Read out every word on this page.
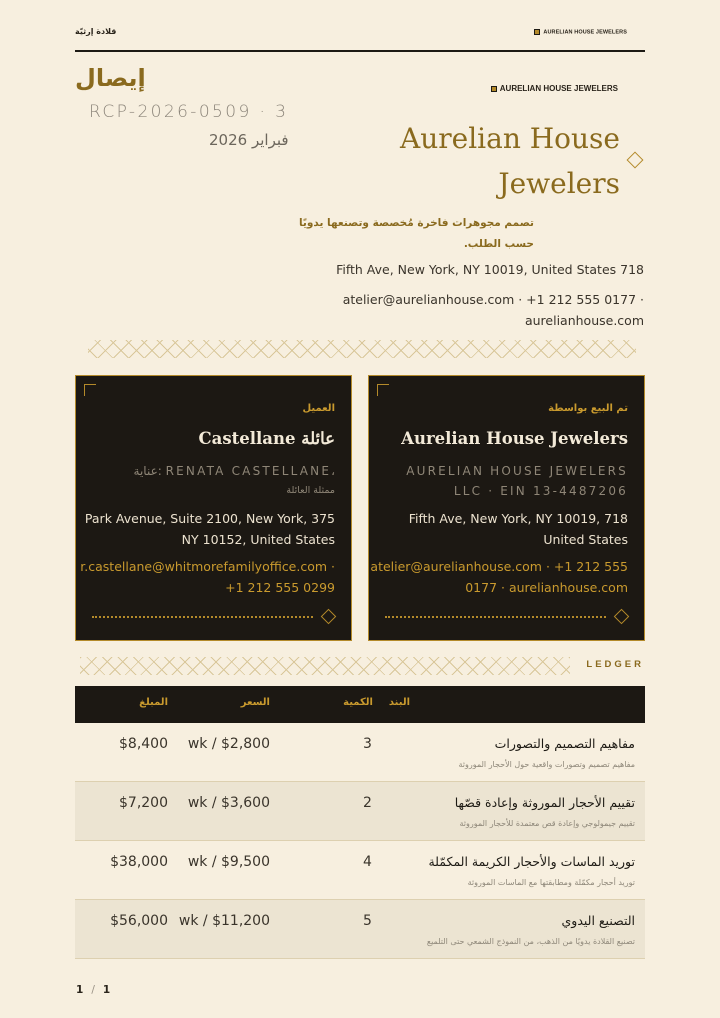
قلادة إرثيّة	AURELIAN HOUSE JEWELERS
إيصال
RCP-2026-0509 · 3
فبراير 2026
AURELIAN HOUSE JEWELERS
Aurelian House
Jewelers
تصمم مجوهرات فاخرة مُخصصة وتصنعها يدويًا حسب الطلب.
Fifth Ave, New York, NY 10019, United States 718
atelier@aurelianhouse.com · +1 212 555 0177 · aurelianhouse.com
العميل
Castellane عائلة
عناية: RENATA CASTELLANE،
ممثلة العائلة
Park Avenue, Suite 2100, New York, 375 NY 10152, United States
r.castellane@whitmorefamilyoffice.com · +1 212 555 0299
تم البيع بواسطة
Aurelian House Jewelers
AURELIAN HOUSE JEWELERS LLC · EIN 13-4487206
Fifth Ave, New York, NY 10019, 718 United States
atelier@aurelianhouse.com · +1 212 555 0177 · aurelianhouse.com
LEDGER
البند
الكمية
السعر
المبلغ
مفاهيم التصميم والتصورات
مفاهيم تصميم وتصورات واقعية حول الأحجار الموروثة
3
wk / $2,800
$8,400
تقييم الأحجار الموروثة وإعادة قصّها
تقييم جيمولوجي وإعادة قص معتمدة للأحجار الموروثة
2
wk / $3,600
$7,200
توريد الماسات والأحجار الكريمة المكمّلة
توريد أحجار مكمّلة ومطابقتها مع الماسات الموروثة
4
wk / $9,500
$38,000
التصنيع اليدوي
تصنيع القلادة يدويًا من الذهب، من النموذج الشمعي حتى التلميع
5
wk / $11,200
$56,000
1 / 1
